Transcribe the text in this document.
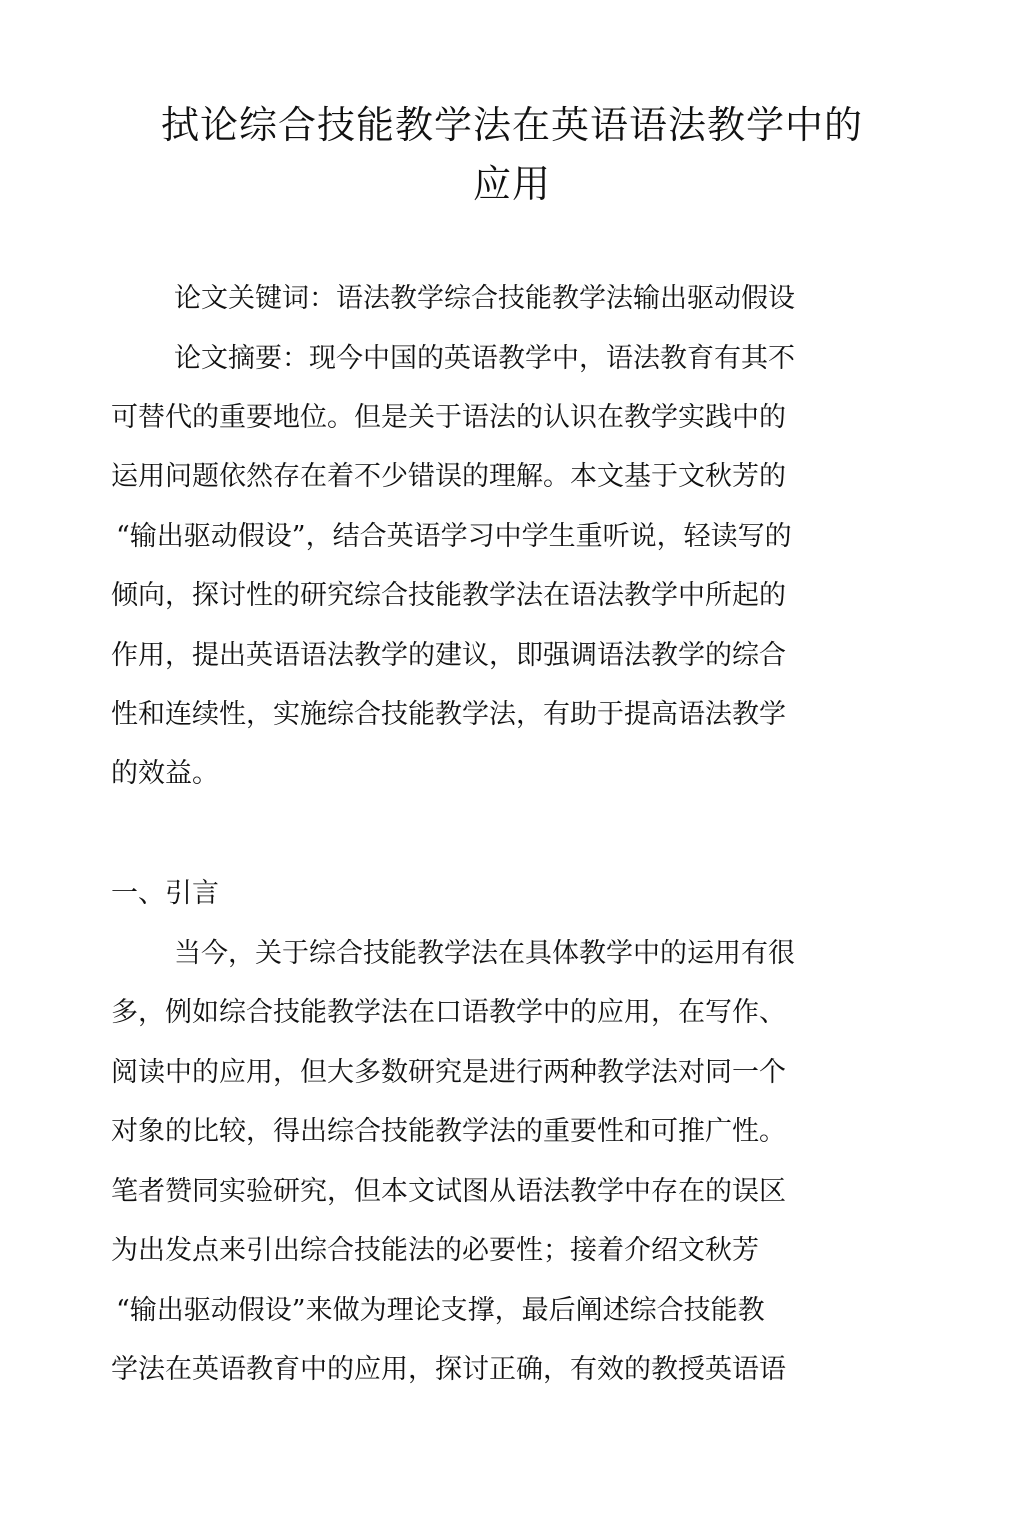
拭论综合技能教学法在英语语法教学中的
应用

论文关键词：语法教学综合技能教学法输出驱动假设

论文摘要：现今中国的英语教学中，语法教育有其不

可替代的重要地位。但是关于语法的认识在教学实践中的

运用问题依然存在着不少错误的理解。本文基于文秋芳的

“输出驱动假设”，结合英语学习中学生重听说，轻读写的

倾向，探讨性的研究综合技能教学法在语法教学中所起的

作用，提出英语语法教学的建议，即强调语法教学的综合

性和连续性，实施综合技能教学法，有助于提高语法教学

的效益。

一、引言

当今，关于综合技能教学法在具体教学中的运用有很

多，例如综合技能教学法在口语教学中的应用，在写作、

阅读中的应用，但大多数研究是进行两种教学法对同一个

对象的比较，得出综合技能教学法的重要性和可推广性。

笔者赞同实验研究，但本文试图从语法教学中存在的误区

为出发点来引出综合技能法的必要性；接着介绍文秋芳

“输出驱动假设”来做为理论支撑，最后阐述综合技能教

学法在英语教育中的应用，探讨正确，有效的教授英语语
